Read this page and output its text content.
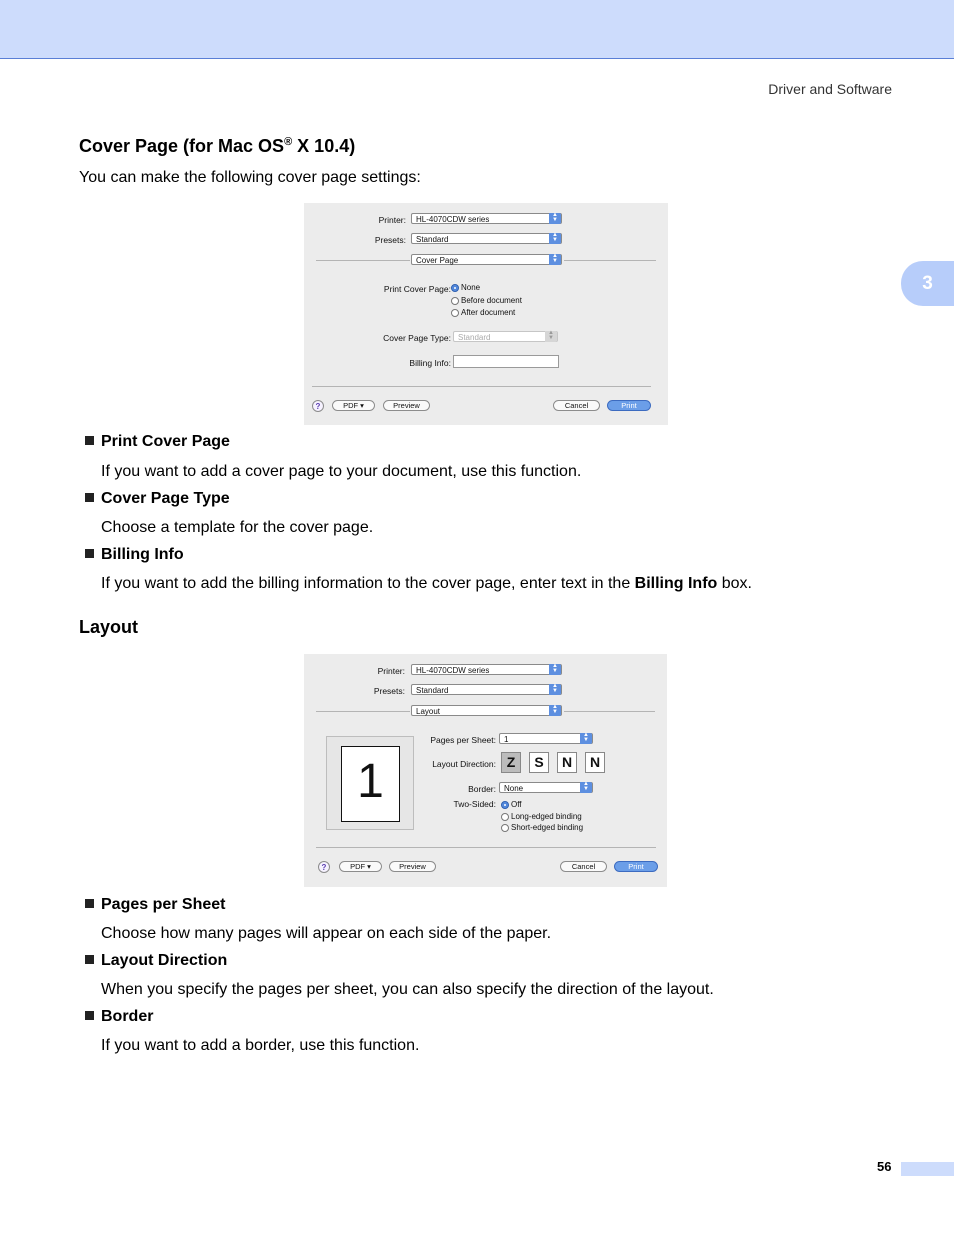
Driver and Software
3
Cover Page (for Mac OS® X 10.4)
You can make the following cover page settings:
Printer:	HL-4070CDW series	▲
▼
Presets:	Standard	▲
▼
Cover Page	▲
▼
Print Cover Page:	None
Before document
After document
Cover Page Type: Standard	▲
▼
Billing Info:
?	PDF ▾	Preview	Cancel	Print
Print Cover Page
If you want to add a cover page to your document, use this function.
Cover Page Type
Choose a template for the cover page.
Billing Info
If you want to add the billing information to the cover page, enter text in the Billing Info box.
Layout
Printer:	HL-4070CDW series	▲
▼
Presets:	Standard	▲
▼
Layout	▲
▼
1
Pages per Sheet:	1	▲
▼
Layout Direction: Z	S	N	N
Border:	None	▲
▼
Two-Sided:	Off
Long-edged binding
Short-edged binding
?	PDF ▾	Preview	Cancel	Print
Pages per Sheet
Choose how many pages will appear on each side of the paper.
Layout Direction
When you specify the pages per sheet, you can also specify the direction of the layout.
Border
If you want to add a border, use this function.
56
